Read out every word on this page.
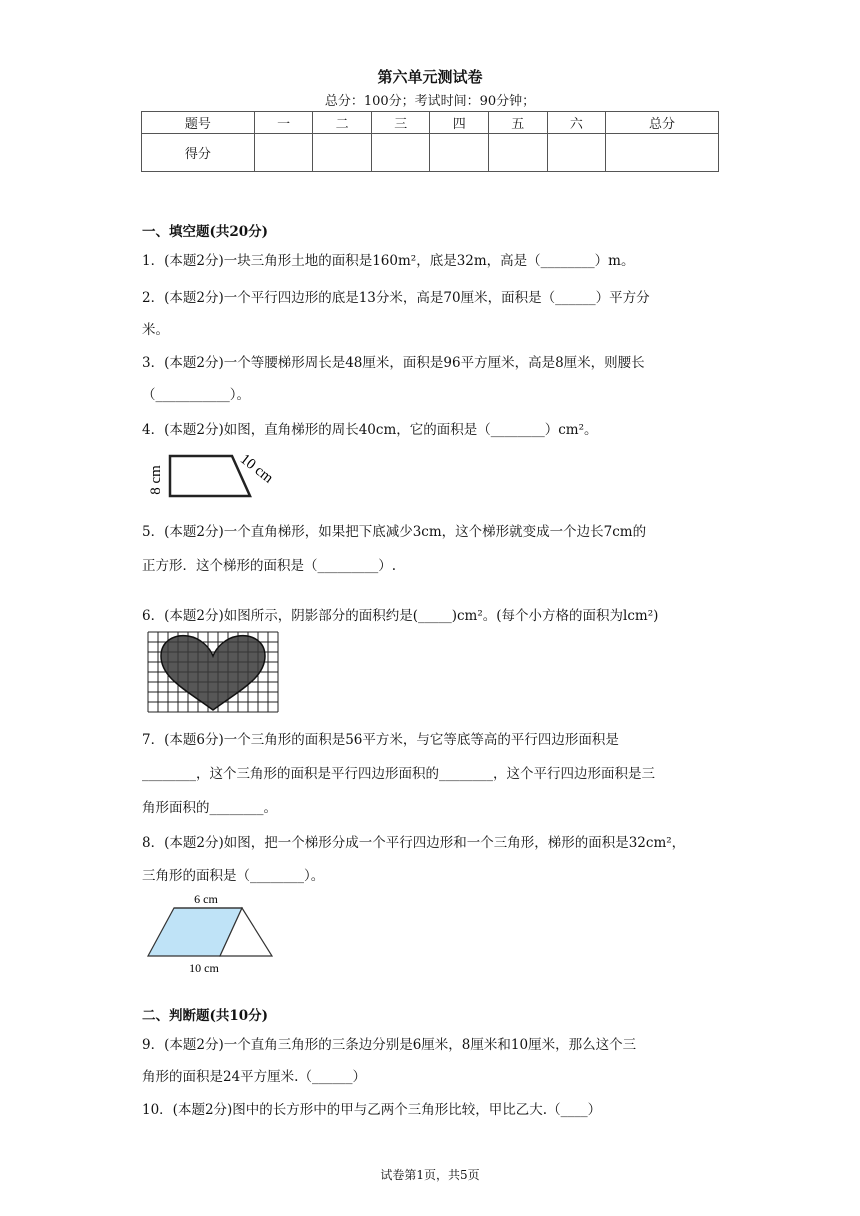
第六单元测试卷
总分：100分；考试时间：90分钟；
题号	一	二	三	四	五	六	总分
得分							
一、填空题(共20分)
1．(本题2分)一块三角形土地的面积是160m²，底是32m，高是（________）m。
2．(本题2分)一个平行四边形的底是13分米，高是70厘米，面积是（______）平方分
米。
3．(本题2分)一个等腰梯形周长是48厘米，面积是96平方厘米，高是8厘米，则腰长
（___________）。
4．(本题2分)如图，直角梯形的周长40cm，它的面积是（________）cm²。
8 cm	10 cm
5．(本题2分)一个直角梯形，如果把下底减少3cm，这个梯形就变成一个边长7cm的
正方形．这个梯形的面积是（_________）.
6．(本题2分)如图所示，阴影部分的面积约是(_____)cm²。(每个小方格的面积为lcm²)
7．(本题6分)一个三角形的面积是56平方米，与它等底等高的平行四边形面积是
________，这个三角形的面积是平行四边形面积的________，这个平行四边形面积是三
角形面积的________。
8．(本题2分)如图，把一个梯形分成一个平行四边形和一个三角形，梯形的面积是32cm²，
三角形的面积是（________）。
6 cm
10 cm
二、判断题(共10分)
9．(本题2分)一个直角三角形的三条边分别是6厘米，8厘米和10厘米，那么这个三
角形的面积是24平方厘米.（______）
10．(本题2分)图中的长方形中的甲与乙两个三角形比较，甲比乙大.（____）
试卷第1页，共5页
